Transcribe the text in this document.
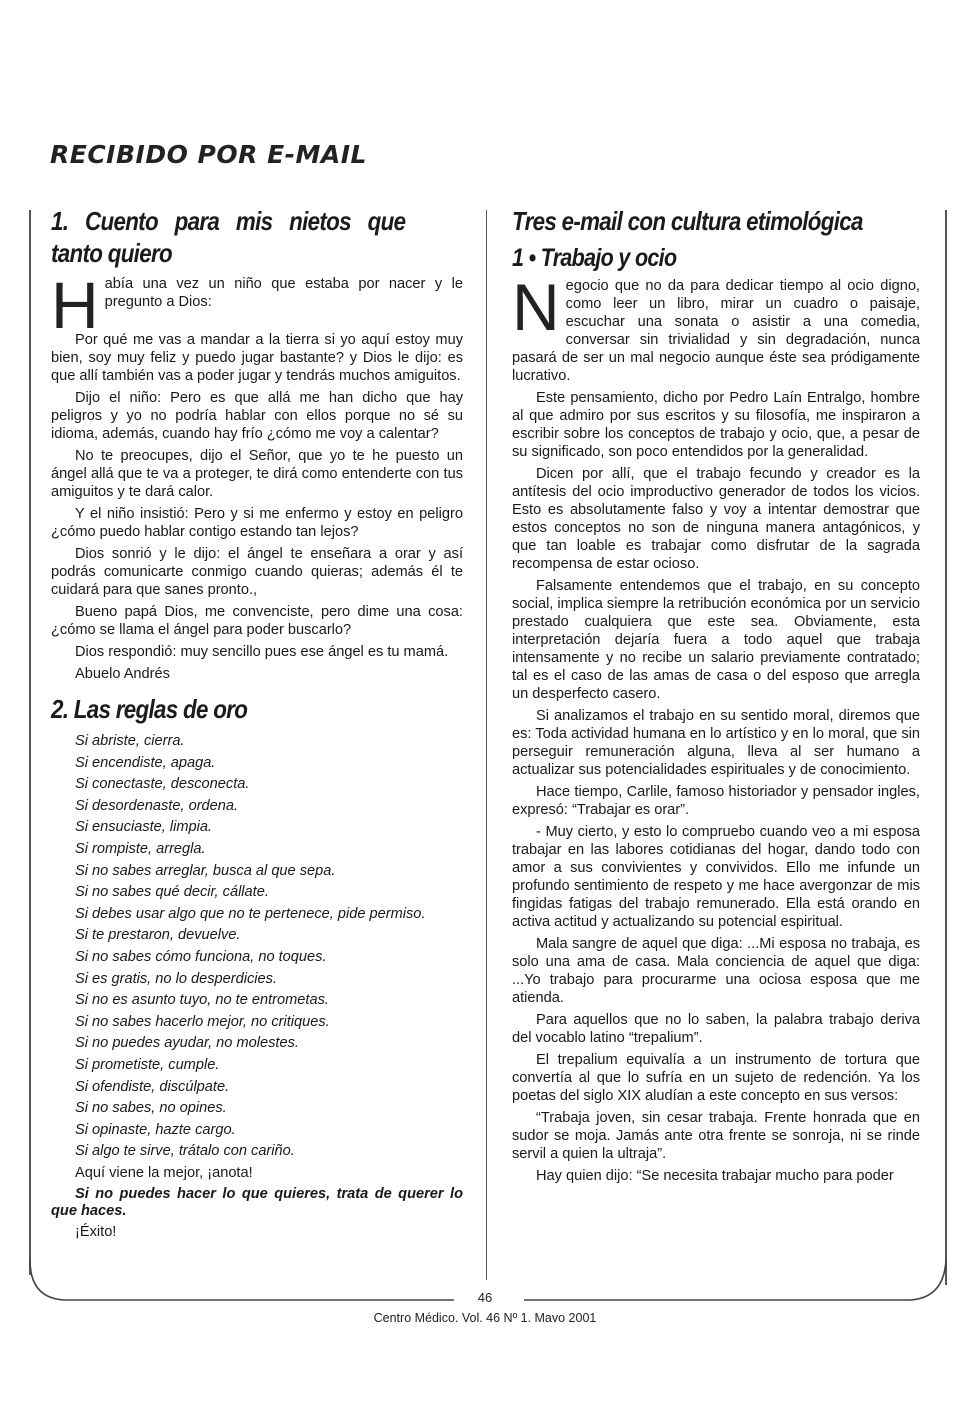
RECIBIDO POR E-MAIL
1. Cuento para mis nietos que tanto quiero

Había una vez un niño que estaba por nacer y le pregunto a Dios:

Por qué me vas a mandar a la tierra si yo aquí estoy muy bien, soy muy feliz y puedo jugar bastante? y Dios le dijo: es que allí también vas a poder jugar y tendrás muchos amiguitos.

Dijo el niño: Pero es que allá me han dicho que hay peligros y yo no podría hablar con ellos porque no sé su idioma, además, cuando hay frío ¿cómo me voy a calentar?

No te preocupes, dijo el Señor, que yo te he puesto un ángel allá que te va a proteger, te dirá como entenderte con tus amiguitos y te dará calor.

Y el niño insistió: Pero y si me enfermo y estoy en peligro ¿cómo puedo hablar contigo estando tan lejos?

Dios sonrió y le dijo: el ángel te enseñara a orar y así podrás comunicarte conmigo cuando quieras; además él te cuidará para que sanes pronto.,

Bueno papá Dios, me convenciste, pero dime una cosa: ¿cómo se llama el ángel para poder buscarlo?

Dios respondió: muy sencillo pues ese ángel es tu mamá.

Abuelo Andrés

2. Las reglas de oro
Si abriste, cierra.
Si encendiste, apaga.
Si conectaste, desconecta.
Si desordenaste, ordena.
Si ensuciaste, limpia.
Si rompiste, arregla.
Si no sabes arreglar, busca al que sepa.
Si no sabes qué decir, cállate.
Si debes usar algo que no te pertenece, pide permiso.
Si te prestaron, devuelve.
Si no sabes cómo funciona, no toques.
Si es gratis, no lo desperdicies.
Si no es asunto tuyo, no te entrometas.
Si no sabes hacerlo mejor, no critiques.
Si no puedes ayudar, no molestes.
Si prometiste, cumple.
Si ofendiste, discúlpate.
Si no sabes, no opines.
Si opinaste, hazte cargo.
Si algo te sirve, trátalo con cariño.
Aquí viene la mejor, ¡anota!
Si no puedes hacer lo que quieres, trata de querer lo que haces.
¡Éxito!
Tres e-mail con cultura etimológica
1 • Trabajo y ocio

Negocio que no da para dedicar tiempo al ocio digno, como leer un libro, mirar un cuadro o paisaje, escuchar una sonata o asistir a una comedia, conversar sin trivialidad y sin degradación, nunca pasará de ser un mal negocio aunque éste sea pródigamente lucrativo.

Este pensamiento, dicho por Pedro Laín Entralgo, hombre al que admiro por sus escritos y su filosofía, me inspiraron a escribir sobre los conceptos de trabajo y ocio, que, a pesar de su significado, son poco entendidos por la generalidad.

Dicen por allí, que el trabajo fecundo y creador es la antítesis del ocio improductivo generador de todos los vicios. Esto es absolutamente falso y voy a intentar demostrar que estos conceptos no son de ninguna manera antagónicos, y que tan loable es trabajar como disfrutar de la sagrada recompensa de estar ocioso.

Falsamente entendemos que el trabajo, en su concepto social, implica siempre la retribución económica por un servicio prestado cualquiera que este sea. Obviamente, esta interpretación dejaría fuera a todo aquel que trabaja intensamente y no recibe un salario previamente contratado; tal es el caso de las amas de casa o del esposo que arregla un desperfecto casero.

Si analizamos el trabajo en su sentido moral, diremos que es: Toda actividad humana en lo artístico y en lo moral, que sin perseguir remuneración alguna, lleva al ser humano a actualizar sus potencialidades espirituales y de conocimiento.

Hace tiempo, Carlile, famoso historiador y pensador ingles, expresó: “Trabajar es orar”.

- Muy cierto, y esto lo compruebo cuando veo a mi esposa trabajar en las labores cotidianas del hogar, dando todo con amor a sus convivientes y convividos. Ello me infunde un profundo sentimiento de respeto y me hace avergonzar de mis fingidas fatigas del trabajo remunerado. Ella está orando en activa actitud y actualizando su potencial espiritual.

Mala sangre de aquel que diga: ...Mi esposa no trabaja, es solo una ama de casa. Mala conciencia de aquel que diga: ...Yo trabajo para procurarme una ociosa esposa que me atienda.

Para aquellos que no lo saben, la palabra trabajo deriva del vocablo latino “trepalium”.

El trepalium equivalía a un instrumento de tortura que convertía al que lo sufría en un sujeto de redención. Ya los poetas del siglo XIX aludían a este concepto en sus versos:

“Trabaja joven, sin cesar trabaja. Frente honrada que en sudor se moja. Jamás ante otra frente se sonroja, ni se rinde servil a quien la ultraja”.

Hay quien dijo: “Se necesita trabajar mucho para poder

46
Centro Médico. Vol. 46 Nº 1. Mavo 2001
